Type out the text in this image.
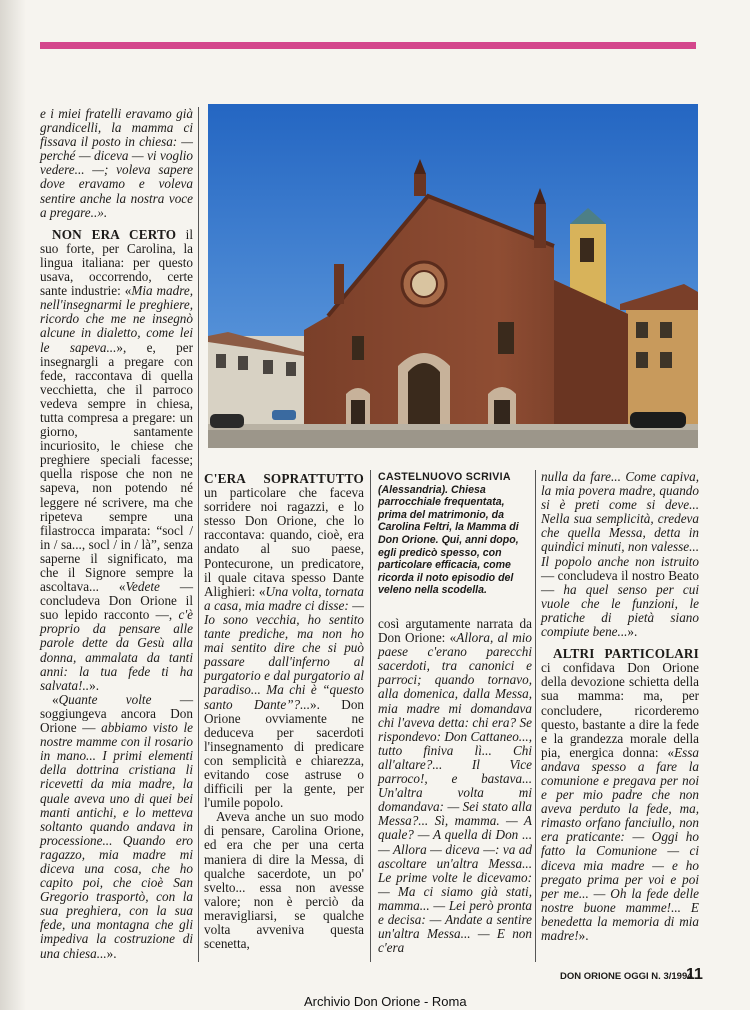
e i miei fratelli eravamo già grandicelli, la mamma ci fissava il posto in chiesa: — perché — diceva — vi voglio vedere... —; voleva sapere dove eravamo e voleva sentire anche la nostra voce a pregare..».

NON ERA CERTO il suo forte, per Carolina, la lingua italiana: per questo usava, occorrendo, certe sante industrie: «Mia madre, nell'insegnarmi le preghiere, ricordo che me ne insegnò alcune in dialetto, come lei le sapeva...», e, per insegnargli a pregare con fede, raccontava di quella vecchietta, che il parroco vedeva sempre in chiesa, tutta compresa a pregare: un giorno, santamente incuriosito, le chiese che preghiere speciali facesse; quella rispose che non ne sapeva, non potendo né leggere né scrivere, ma che ripeteva sempre una filastrocca imparata: “socl / in / sa..., socl / in / là”, senza saperne il significato, ma che il Signore sempre la ascoltava... «Vedete — concludeva Don Orione il suo lepido racconto —, c'è proprio da pensare alle parole dette da Gesù alla donna, ammalata da tanti anni: la tua fede ti ha salvata!..».

«Quante volte — soggiungeva ancora Don Orione — abbiamo visto le nostre mamme con il rosario in mano... I primi elementi della dottrina cristiana li ricevetti da mia madre, la quale aveva uno di quei bei manti antichi, e lo metteva soltanto quando andava in processione... Quando ero ragazzo, mia madre mi diceva una cosa, che ho capito poi, che cioè San Gregorio trasportò, con la sua preghiera, con la sua fede, una montagna che gli impediva la costruzione di una chiesa...».

C'ERA SOPRATTUTTO un particolare che faceva sorridere noi ragazzi, e lo stesso Don Orione, che lo raccontava: quando, cioè, era andato al suo paese, Pontecurone, un predicatore, il quale citava spesso Dante Alighieri: «Una volta, tornata a casa, mia madre ci disse: — Io sono vecchia, ho sentito tante prediche, ma non ho mai sentito dire che si può passare dall'inferno al purgatorio e dal purgatorio al paradiso... Ma chi è “questo santo Dante”?...». Don Orione ovviamente ne deduceva per sacerdoti l'insegnamento di predicare con semplicità e chiarezza, evitando cose astruse o difficili per la gente, per l'umile popolo.

Aveva anche un suo modo di pensare, Carolina Orione, ed era che per una certa maniera di dire la Messa, di qualche sacerdote, un po' svelto... essa non avesse valore; non è perciò da meravigliarsi, se qualche volta avveniva questa scenetta,

CASTELNUOVO SCRIVIA (Alessandria). Chiesa parrocchiale frequentata, prima del matrimonio, da Carolina Feltri, la Mamma di Don Orione. Qui, anni dopo, egli predicò spesso, con particolare efficacia, come ricorda il noto episodio del veleno nella scodella.

così argutamente narrata da Don Orione: «Allora, al mio paese c'erano parecchi sacerdoti, tra canonici e parroci; quando tornavo, alla domenica, dalla Messa, mia madre mi domandava chi l'aveva detta: chi era? Se rispondevo: Don Cattaneo..., tutto finiva lì... Chi all'altare?... Il Vice parroco!, e bastava... Un'altra volta mi domandava: — Sei stato alla Messa?... Sì, mamma. — A quale? — A quella di Don ... — Allora — diceva —: va ad ascoltare un'altra Messa... Le prime volte le dicevamo: — Ma ci siamo già stati, mamma... — Lei però pronta e decisa: — Andate a sentire un'altra Messa... — E non c'era

nulla da fare... Come capiva, la mia povera madre, quando si è preti come si deve... Nella sua semplicità, credeva che quella Messa, detta in quindici minuti, non valesse... Il popolo anche non istruito — concludeva il nostro Beato — ha quel senso per cui vuole che le funzioni, le pratiche di pietà siano compiute bene...».

ALTRI PARTICOLARI ci confidava Don Orione della devozione schietta della sua mamma: ma, per concludere, ricorderemo questo, bastante a dire la fede e la grandezza morale della pia, energica donna: «Essa andava spesso a fare la comunione e pregava per noi e per mio padre che non aveva perduto la fede, ma, rimasto orfano fanciullo, non era praticante: — Oggi ho fatto la Comunione — ci diceva mia madre — e ho pregato prima per voi e poi per me... — Oh la fede delle nostre buone mamme!... E benedetta la memoria di mia madre!».

DON ORIONE OGGI N. 3/1994
11
Archivio Don Orione - Roma
